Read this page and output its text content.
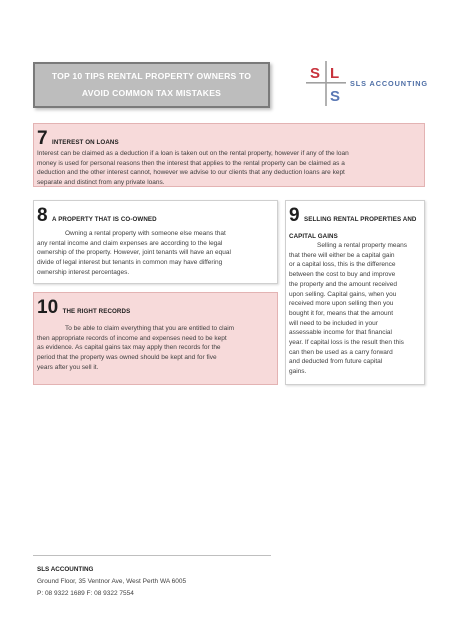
TOP 10 TIPS RENTAL PROPERTY OWNERS TO
AVOID COMMON TAX MISTAKES
S L
S
SLS ACCOUNTING
7 INTEREST ON LOANS
Interest can be claimed as a deduction if a loan is taken out on the rental property, however if any of the loan
money is used for personal reasons then the interest that applies to the rental property can be claimed as a
deduction and the other interest cannot, however we advise to our clients that any deduction loans are kept
separate and distinct from any private loans.
8 A PROPERTY THAT IS CO-OWNED
Owning a rental property with someone else means that
any rental income and claim expenses are according to the legal
ownership of the property. However, joint tenants will have an equal
divide of legal interest but tenants in common may have differing
ownership interest percentages.
10 THE RIGHT RECORDS
To be able to claim everything that you are entitled to claim
then appropriate records of income and expenses need to be kept
as evidence. As capital gains tax may apply then records for the
period that the property was owned should be kept and for five
years after you sell it.
9 SELLING RENTAL PROPERTIES AND
CAPITAL GAINS
Selling a rental property means
that there will either be a capital gain
or a capital loss, this is the difference
between the cost to buy and improve
the property and the amount received
upon selling. Capital gains, when you
received more upon selling then you
bought it for, means that the amount
will need to be included in your
assessable income for that financial
year. If capital loss is the result then this
can then be used as a carry forward
and deducted from future capital
gains.
SLS ACCOUNTING
Ground Floor, 35 Ventnor Ave, West Perth WA 6005
P: 08 9322 1689 F: 08 9322 7554
